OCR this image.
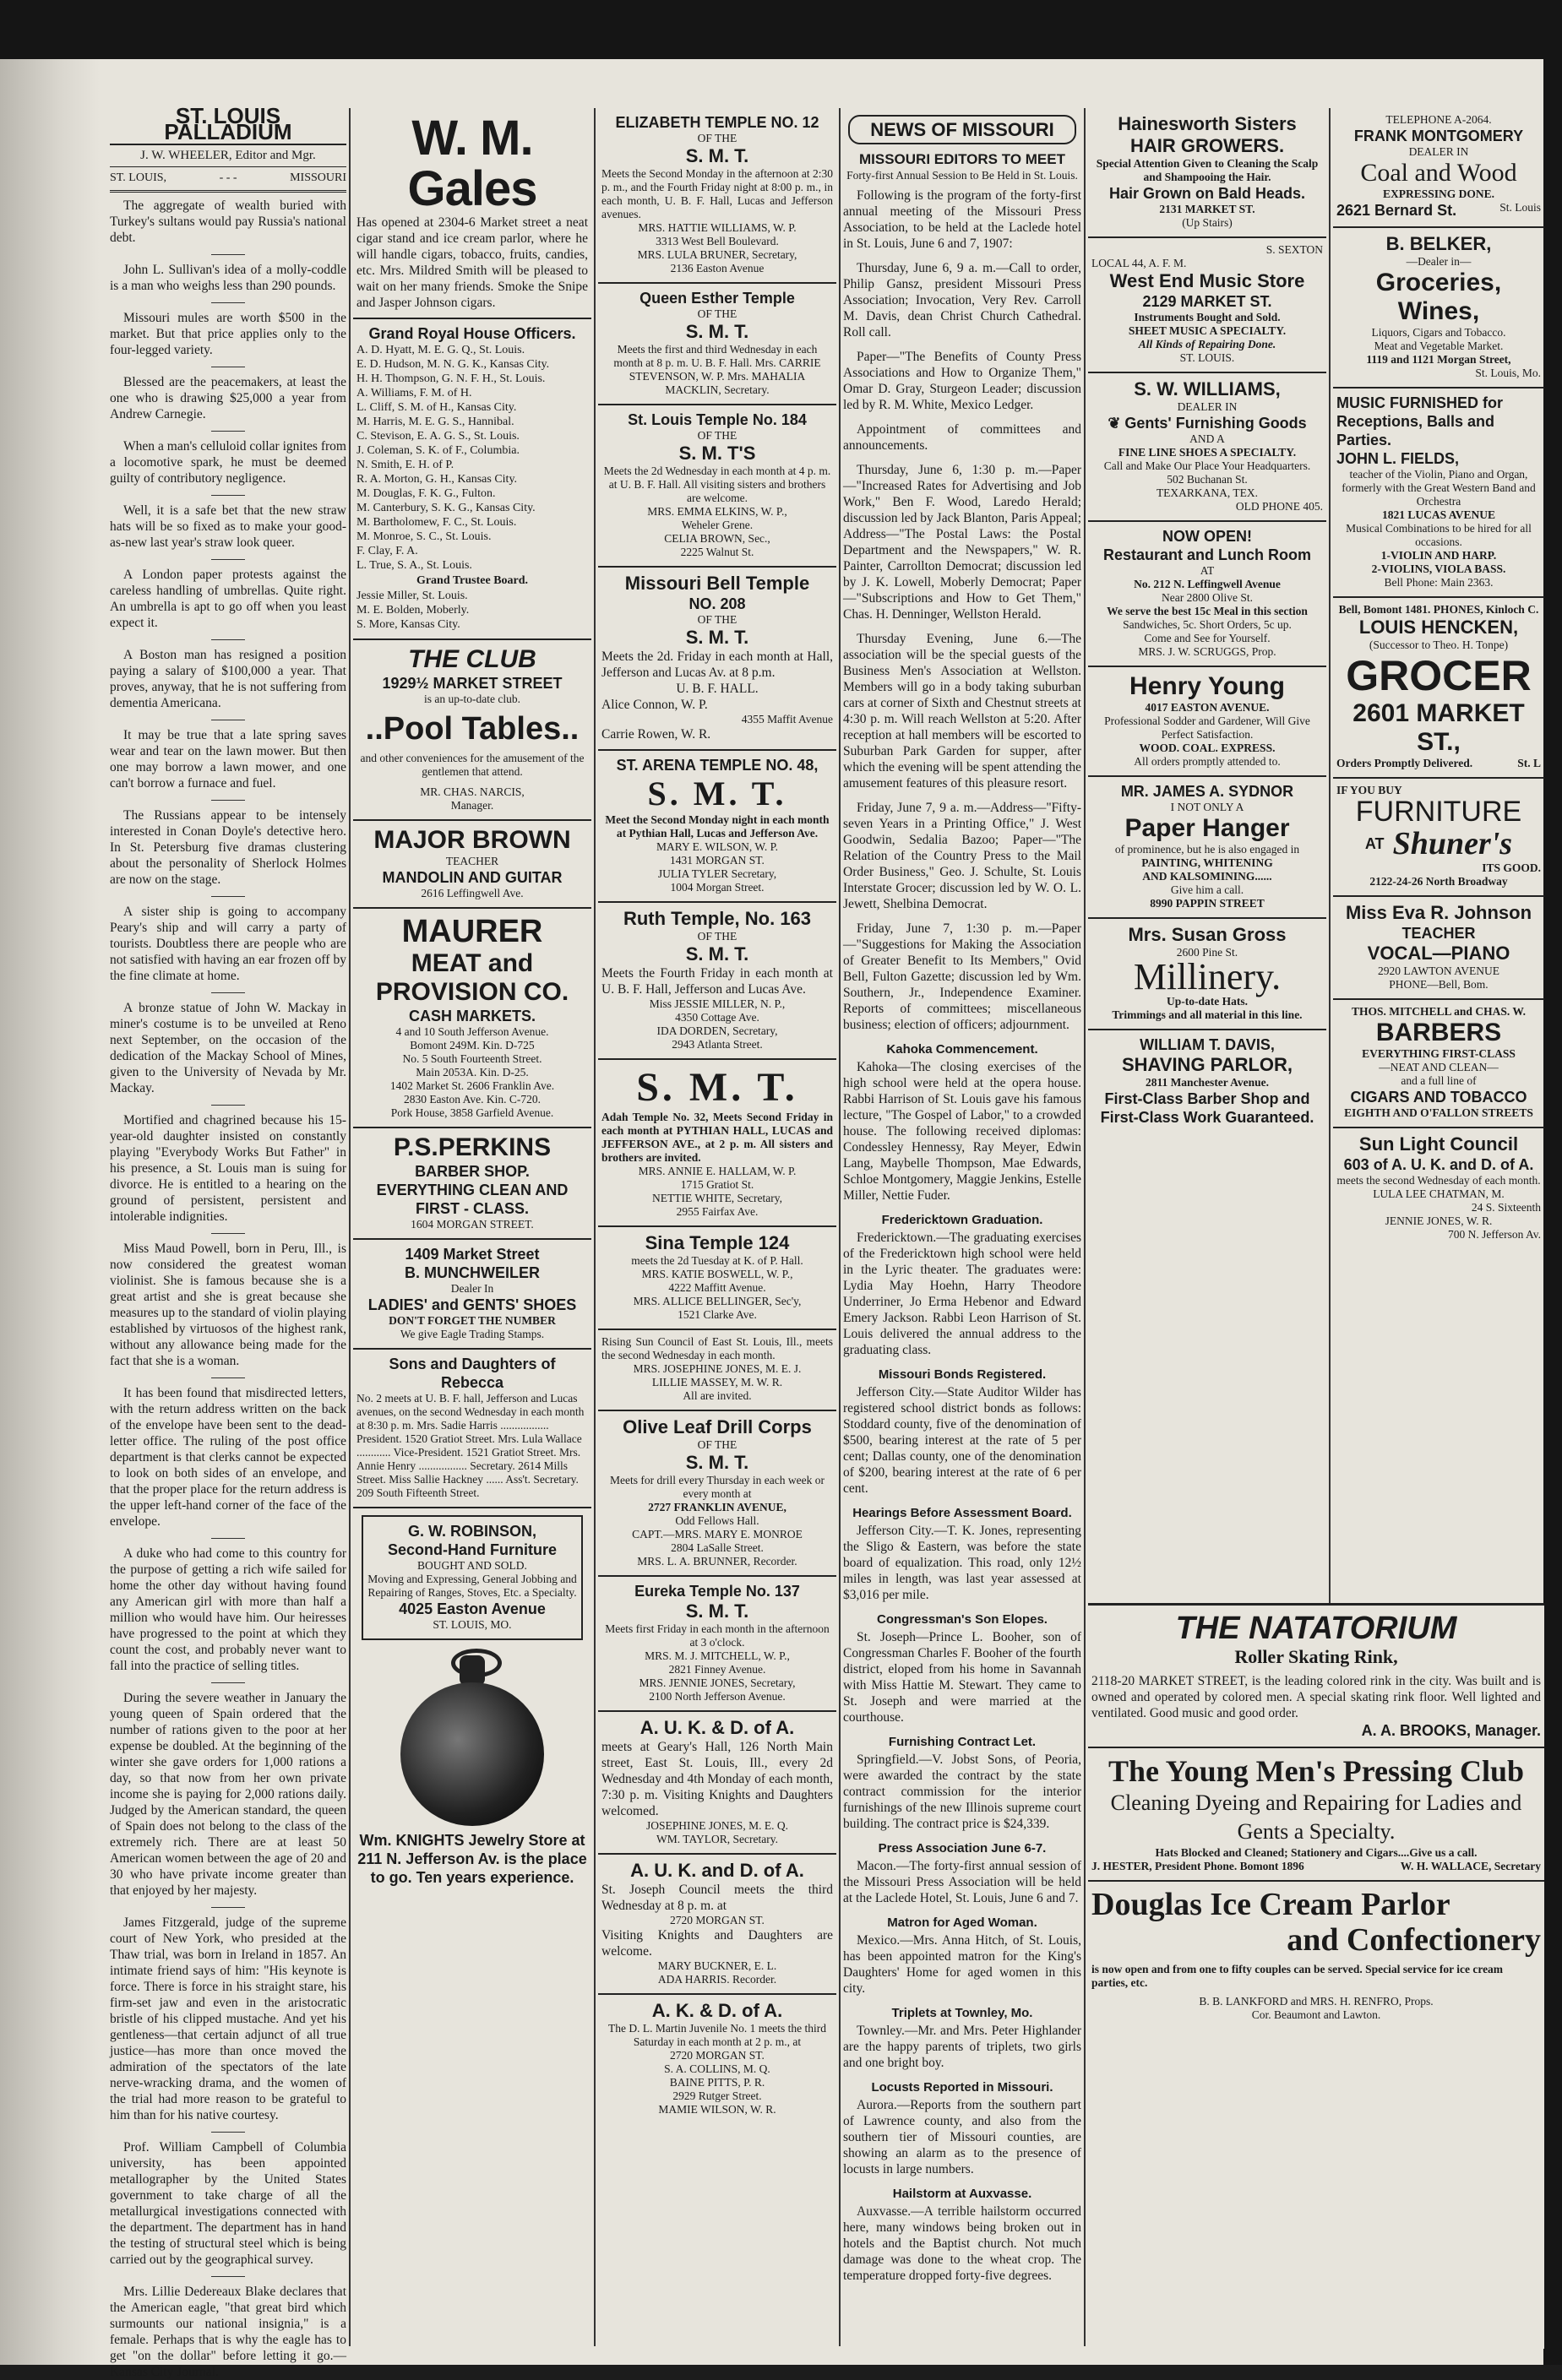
ST. LOUIS PALLADIUM
J. W. WHEELER, Editor and Mgr.
ST. LOUIS,	- - -	MISSOURI

The aggregate of wealth buried with Turkey's sultans would pay Russia's national debt.

John L. Sullivan's idea of a molly-coddle is a man who weighs less than 290 pounds.

Missouri mules are worth $500 in the market. But that price applies only to the four-legged variety.

Blessed are the peacemakers, at least the one who is drawing $25,000 a year from Andrew Carnegie.

When a man's celluloid collar ignites from a locomotive spark, he must be deemed guilty of contributory negligence.

Well, it is a safe bet that the new straw hats will be so fixed as to make your good-as-new last year's straw look queer.

A London paper protests against the careless handling of umbrellas. Quite right. An umbrella is apt to go off when you least expect it.

A Boston man has resigned a position paying a salary of $100,000 a year. That proves, anyway, that he is not suffering from dementia Americana.

It may be true that a late spring saves wear and tear on the lawn mower. But then one may borrow a lawn mower, and one can't borrow a furnace and fuel.

The Russians appear to be intensely interested in Conan Doyle's detective hero. In St. Petersburg five dramas clustering about the personality of Sherlock Holmes are now on the stage.

A sister ship is going to accompany Peary's ship and will carry a party of tourists. Doubtless there are people who are not satisfied with having an ear frozen off by the fine climate at home.

A bronze statue of John W. Mackay in miner's costume is to be unveiled at Reno next September, on the occasion of the dedication of the Mackay School of Mines, given to the University of Nevada by Mr. Mackay.

Mortified and chagrined because his 15-year-old daughter insisted on constantly playing "Everybody Works But Father" in his presence, a St. Louis man is suing for divorce. He is entitled to a hearing on the ground of persistent, persistent and intolerable indignities.

Miss Maud Powell, born in Peru, Ill., is now considered the greatest woman violinist. She is famous because she is a great artist and she is great because she measures up to the standard of violin playing established by virtuosos of the highest rank, without any allowance being made for the fact that she is a woman.

It has been found that misdirected letters, with the return address written on the back of the envelope have been sent to the dead-letter office. The ruling of the post office department is that clerks cannot be expected to look on both sides of an envelope, and that the proper place for the return address is the upper left-hand corner of the face of the envelope.

A duke who had come to this country for the purpose of getting a rich wife sailed for home the other day without having found any American girl with more than half a million who would have him. Our heiresses have progressed to the point at which they count the cost, and probably never want to fall into the practice of selling titles.

During the severe weather in January the young queen of Spain ordered that the number of rations given to the poor at her expense be doubled. At the beginning of the winter she gave orders for 1,000 rations a day, so that now from her own private income she is paying for 2,000 rations daily. Judged by the American standard, the queen of Spain does not belong to the class of the extremely rich. There are at least 50 American women between the age of 20 and 30 who have private income greater than that enjoyed by her majesty.

James Fitzgerald, judge of the supreme court of New York, who presided at the Thaw trial, was born in Ireland in 1857. An intimate friend says of him: "His keynote is force. There is force in his straight stare, his firm-set jaw and even in the aristocratic bristle of his clipped mustache. And yet his gentleness—that certain adjunct of all true justice—has more than once moved the admiration of the spectators of the late nerve-wracking drama, and the women of the trial had more reason to be grateful to him than for his native courtesy.

Prof. William Campbell of Columbia university, has been appointed metallographer by the United States government to take charge of all the metallurgical investigations connected with the department. The department has in hand the testing of structural steel which is being carried out by the geographical survey.

Mrs. Lillie Dedereaux Blake declares that the American eagle, "that great bird which surmounts our national insignia," is a female. Perhaps that is why the eagle has to get "on the dollar" before letting it go.—Kansas City Journal.

W. M. Gales
Has opened at 2304-6 Market street a neat cigar stand and ice cream parlor, where he will handle cigars, tobacco, fruits, candies, etc. Mrs. Mildred Smith will be pleased to wait on her many friends. Smoke the Snipe and Jasper Johnson cigars.
Grand Royal House Officers.
A. D. Hyatt, M. E. G. Q., St. Louis.
E. D. Hudson, M. N. G. K., Kansas City.
H. H. Thompson, G. N. F. H., St. Louis.
A. Williams, F. M. of H.
L. Cliff, S. M. of H., Kansas City.
M. Harris, M. E. G. S., Hannibal.
C. Stevison, E. A. G. S., St. Louis.
J. Coleman, S. K. of F., Columbia.
N. Smith, E. H. of P.
R. A. Morton, G. H., Kansas City.
M. Douglas, F. K. G., Fulton.
M. Canterbury, S. K. G., Kansas City.
M. Bartholomew, F. C., St. Louis.
M. Monroe, S. C., St. Louis.
F. Clay, F. A.
L. True, S. A., St. Louis.
Grand Trustee Board.
Jessie Miller, St. Louis.
M. E. Bolden, Moberly.
S. More, Kansas City.
THE CLUB
1929½ MARKET STREET
is an up-to-date club.
..Pool Tables..
and other conveniences for the amusement of the gentlemen that attend.
MR. CHAS. NARCIS,
Manager.
MAJOR BROWN
TEACHER
MANDOLIN AND GUITAR
2616 Leffingwell Ave.
MAURER
MEAT and
PROVISION CO.
CASH MARKETS.
4 and 10 South Jefferson Avenue.
Bomont 249M. Kin. D-725
No. 5 South Fourteenth Street.
Main 2053A. Kin. D-25.
1402 Market St. 2606 Franklin Ave.
2830 Easton Ave. Kin. C-720.
Pork House, 3858 Garfield Avenue.
P.S.PERKINS
BARBER SHOP.
EVERYTHING CLEAN AND FIRST - CLASS.
1604 MORGAN STREET.
1409 Market Street
B. MUNCHWEILER
Dealer In
LADIES' and GENTS' SHOES
DON'T FORGET THE NUMBER
We give Eagle Trading Stamps.
Sons and Daughters of Rebecca
No. 2 meets at U. B. F. hall, Jefferson and Lucas avenues, on the second Wednesday in each month at 8:30 p. m. Mrs. Sadie Harris ................. President. 1520 Gratiot Street. Mrs. Lula Wallace ............ Vice-President. 1521 Gratiot Street. Mrs. Annie Henry ................. Secretary. 2614 Mills Street. Miss Sallie Hackney ...... Ass't. Secretary. 209 South Fifteenth Street.
G. W. ROBINSON,
Second-Hand Furniture
BOUGHT AND SOLD.
Moving and Expressing, General Jobbing and Repairing of Ranges, Stoves, Etc. a Specialty.
4025 Easton Avenue
ST. LOUIS, MO.
Wm. KNIGHTS Jewelry Store at 211 N. Jefferson Av. is the place to go. Ten years experience.
ELIZABETH TEMPLE NO. 12
OF THE
S. M. T.
Meets the Second Monday in the afternoon at 2:30 p. m., and the Fourth Friday night at 8:00 p. m., in each month, U. B. F. Hall, Lucas and Jefferson avenues.
MRS. HATTIE WILLIAMS, W. P.
3313 West Bell Boulevard.
MRS. LULA BRUNER, Secretary,
2136 Easton Avenue
Queen Esther Temple
OF THE
S. M. T.
Meets the first and third Wednesday in each month at 8 p. m. U. B. F. Hall. Mrs. CARRIE STEVENSON, W. P. Mrs. MAHALIA MACKLIN, Secretary.
St. Louis Temple No. 184
OF THE
S. M. T'S
Meets the 2d Wednesday in each month at 4 p. m. at U. B. F. Hall. All visiting sisters and brothers are welcome.
MRS. EMMA ELKINS, W. P.,
Weheler Grene.
CELIA BROWN, Sec.,
2225 Walnut St.
Missouri Bell Temple
NO. 208
OF THE
S. M. T.
Meets the 2d. Friday in each month at Hall, Jefferson and Lucas Av. at 8 p.m.
U. B. F. HALL.
Alice Connon, W. P.
4355 Maffit Avenue
Carrie Rowen, W. R.
ST. ARENA TEMPLE NO. 48,
S. M. T.
Meet the Second Monday night in each month at Pythian Hall, Lucas and Jefferson Ave.
MARY E. WILSON, W. P.
1431 MORGAN ST.
JULIA TYLER Secretary,
1004 Morgan Street.
Ruth Temple, No. 163
OF THE
S. M. T.
Meets the Fourth Friday in each month at U. B. F. Hall, Jefferson and Lucas Ave.
Miss JESSIE MILLER, N. P.,
4350 Cottage Ave.
IDA DORDEN, Secretary,
2943 Atlanta Street.
S. M. T.
Adah Temple No. 32, Meets Second Friday in each month at PYTHIAN HALL, LUCAS and JEFFERSON AVE., at 2 p. m. All sisters and brothers are invited.
MRS. ANNIE E. HALLAM, W. P.
1715 Gratiot St.
NETTIE WHITE, Secretary,
2955 Fairfax Ave.
Sina Temple 124
meets the 2d Tuesday at K. of P. Hall.
MRS. KATIE BOSWELL, W. P.,
4222 Maffitt Avenue.
MRS. ALLICE BELLINGER, Sec'y,
1521 Clarke Ave.
Rising Sun Council of East St. Louis, Ill., meets the second Wednesday in each month.
MRS. JOSEPHINE JONES, M. E. J.
LILLIE MASSEY, M. W. R.
All are invited.
Olive Leaf Drill Corps
OF THE
S. M. T.
Meets for drill every Thursday in each week or every month at
2727 FRANKLIN AVENUE,
Odd Fellows Hall.
CAPT.—MRS. MARY E. MONROE
2804 LaSalle Street.
MRS. L. A. BRUNNER, Recorder.
Eureka Temple No. 137
S. M. T.
Meets first Friday in each month in the afternoon at 3 o'clock.
MRS. M. J. MITCHELL, W. P.,
2821 Finney Avenue.
MRS. JENNIE JONES, Secretary,
2100 North Jefferson Avenue.
A. U. K. & D. of A.
meets at Geary's Hall, 126 North Main street, East St. Louis, Ill., every 2d Wednesday and 4th Monday of each month, 7:30 p. m. Visiting Knights and Daughters welcomed.
JOSEPHINE JONES, M. E. Q.
WM. TAYLOR, Secretary.
A. U. K. and D. of A.
St. Joseph Council meets the third Wednesday at 8 p. m. at
2720 MORGAN ST.
Visiting Knights and Daughters are welcome.
MARY BUCKNER, E. L.
ADA HARRIS. Recorder.
A. K. & D. of A.
The D. L. Martin Juvenile No. 1 meets the third Saturday in each month at 2 p. m., at
2720 MORGAN ST.
S. A. COLLINS, M. Q.
BAINE PITTS, P. R.
2929 Rutger Street.
MAMIE WILSON, W. R.
NEWS OF MISSOURI
MISSOURI EDITORS TO MEET
Forty-first Annual Session to Be Held in St. Louis.

Following is the program of the forty-first annual meeting of the Missouri Press Association, to be held at the Laclede hotel in St. Louis, June 6 and 7, 1907:

Thursday, June 6, 9 a. m.—Call to order, Philip Gansz, president Missouri Press Association; Invocation, Very Rev. Carroll M. Davis, dean Christ Church Cathedral. Roll call.

Paper—"The Benefits of County Press Associations and How to Organize Them," Omar D. Gray, Sturgeon Leader; discussion led by R. M. White, Mexico Ledger.

Appointment of committees and announcements.

Thursday, June 6, 1:30 p. m.—Paper—"Increased Rates for Advertising and Job Work," Ben F. Wood, Laredo Herald; discussion led by Jack Blanton, Paris Appeal; Address—"The Postal Laws: the Postal Department and the Newspapers," W. R. Painter, Carrollton Democrat; discussion led by J. K. Lowell, Moberly Democrat; Paper—"Subscriptions and How to Get Them," Chas. H. Denninger, Wellston Herald.

Thursday Evening, June 6.—The association will be the special guests of the Business Men's Association at Wellston. Members will go in a body taking suburban cars at corner of Sixth and Chestnut streets at 4:30 p. m. Will reach Wellston at 5:20. After reception at hall members will be escorted to Suburban Park Garden for supper, after which the evening will be spent attending the amusement features of this pleasure resort.

Friday, June 7, 9 a. m.—Address—"Fifty-seven Years in a Printing Office," J. West Goodwin, Sedalia Bazoo; Paper—"The Relation of the Country Press to the Mail Order Business," Geo. J. Schulte, St. Louis Interstate Grocer; discussion led by W. O. L. Jewett, Shelbina Democrat.

Friday, June 7, 1:30 p. m.—Paper—"Suggestions for Making the Association of Greater Benefit to Its Members," Ovid Bell, Fulton Gazette; discussion led by Wm. Southern, Jr., Independence Examiner. Reports of committees; miscellaneous business; election of officers; adjournment.

Kahoka Commencement.

Kahoka—The closing exercises of the high school were held at the opera house. Rabbi Harrison of St. Louis gave his famous lecture, "The Gospel of Labor," to a crowded house. The following received diplomas: Condessley Hennessy, Ray Meyer, Edwin Lang, Maybelle Thompson, Mae Edwards, Schloe Montgomery, Maggie Jenkins, Estelle Miller, Nettie Fuder.

Fredericktown Graduation.

Fredericktown.—The graduating exercises of the Fredericktown high school were held in the Lyric theater. The graduates were: Lydia May Hoehn, Harry Theodore Underriner, Jo Erma Hebenor and Edward Emery Jackson. Rabbi Leon Harrison of St. Louis delivered the annual address to the graduating class.

Missouri Bonds Registered.

Jefferson City.—State Auditor Wilder has registered school district bonds as follows: Stoddard county, five of the denomination of $500, bearing interest at the rate of 5 per cent; Dallas county, one of the denomination of $200, bearing interest at the rate of 6 per cent.

Hearings Before Assessment Board.

Jefferson City.—T. K. Jones, representing the Sligo & Eastern, was before the state board of equalization. This road, only 12½ miles in length, was last year assessed at $3,016 per mile.

Congressman's Son Elopes.

St. Joseph—Prince L. Booher, son of Congressman Charles F. Booher of the fourth district, eloped from his home in Savannah with Miss Hattie M. Stewart. They came to St. Joseph and were married at the courthouse.

Furnishing Contract Let.

Springfield.—V. Jobst Sons, of Peoria, were awarded the contract by the state contract commission for the interior furnishings of the new Illinois supreme court building. The contract price is $24,339.

Press Association June 6-7.

Macon.—The forty-first annual session of the Missouri Press Association will be held at the Laclede Hotel, St. Louis, June 6 and 7.

Matron for Aged Woman.

Mexico.—Mrs. Anna Hitch, of St. Louis, has been appointed matron for the King's Daughters' Home for aged women in this city.

Triplets at Townley, Mo.

Townley.—Mr. and Mrs. Peter Highlander are the happy parents of triplets, two girls and one bright boy.

Locusts Reported in Missouri.

Aurora.—Reports from the southern part of Lawrence county, and also from the southern tier of Missouri counties, are showing an alarm as to the presence of locusts in large numbers.

Hailstorm at Auxvasse.

Auxvasse.—A terrible hailstorm occurred here, many windows being broken out in hotels and the Baptist church. Not much damage was done to the wheat crop. The temperature dropped forty-five degrees.

Hainesworth Sisters
HAIR GROWERS.
Special Attention Given to Cleaning the Scalp and Shampooing the Hair.
Hair Grown on Bald Heads.
2131 MARKET ST.
(Up Stairs)
S. SEXTON
LOCAL 44, A. F. M.
West End Music Store
2129 MARKET ST.
Instruments Bought and Sold.
SHEET MUSIC A SPECIALTY.
All Kinds of Repairing Done.
ST. LOUIS.
S. W. WILLIAMS,
DEALER IN
❦ Gents' Furnishing Goods
AND A
FINE LINE SHOES A SPECIALTY.
Call and Make Our Place Your Headquarters.
502 Buchanan St.
TEXARKANA, TEX.
OLD PHONE 405.
NOW OPEN!
Restaurant and Lunch Room
AT
No. 212 N. Leffingwell Avenue
Near 2800 Olive St.
We serve the best 15c Meal in this section
Sandwiches, 5c. Short Orders, 5c up.
Come and See for Yourself.
MRS. J. W. SCRUGGS, Prop.
Henry Young
4017 EASTON AVENUE.
Professional Sodder and Gardener, Will Give Perfect Satisfaction.
WOOD. COAL. EXPRESS.
All orders promptly attended to.
MR. JAMES A. SYDNOR
I NOT ONLY A
Paper Hanger
of prominence, but he is also engaged in
PAINTING, WHITENING
AND KALSOMINING......
Give him a call.
8990 PAPPIN STREET
Mrs. Susan Gross
2600 Pine St.
Millinery.
Up-to-date Hats.
Trimmings and all material in this line.
WILLIAM T. DAVIS,
SHAVING PARLOR,
2811 Manchester Avenue.
First-Class Barber Shop and First-Class Work Guaranteed.
TELEPHONE A-2064.
FRANK MONTGOMERY
DEALER IN
Coal and Wood
EXPRESSING DONE.
2621 Bernard St.	St. Louis
B. BELKER,
—Dealer in—
Groceries, Wines,
Liquors, Cigars and Tobacco.
Meat and Vegetable Market.
1119 and 1121 Morgan Street,
St. Louis, Mo.
MUSIC FURNISHED for Receptions, Balls and Parties.
JOHN L. FIELDS,
teacher of the Violin, Piano and Organ, formerly with the Great Western Band and Orchestra
1821 LUCAS AVENUE
Musical Combinations to be hired for all occasions.
1-VIOLIN AND HARP.
2-VIOLINS, VIOLA BASS.
Bell Phone: Main 2363.
Bell, Bomont 1481. PHONES, Kinloch C.
LOUIS HENCKEN,
(Successor to Theo. H. Tonpe)
GROCER
2601 MARKET ST.,
Orders Promptly Delivered.	St. L
IF YOU BUY
FURNITURE
AT Shuner's
ITS GOOD.
2122-24-26 North Broadway
Miss Eva R. Johnson
TEACHER
VOCAL—PIANO
2920 LAWTON AVENUE
PHONE—Bell, Bom.
THOS. MITCHELL and CHAS. W.
BARBERS
EVERYTHING FIRST-CLASS
—NEAT AND CLEAN—
and a full line of
CIGARS AND TOBACCO
EIGHTH AND O'FALLON STREETS
Sun Light Council
603 of A. U. K. and D. of A.
meets the second Wednesday of each month.
LULA LEE CHATMAN, M.
24 S. Sixteenth
JENNIE JONES, W. R.
700 N. Jefferson Av.
THE NATATORIUM
Roller Skating Rink,
2118-20 MARKET STREET, is the leading colored rink in the city. Was built and is owned and operated by colored men. A special skating rink floor. Well lighted and ventilated. Good music and good order.
A. A. BROOKS, Manager.
The Young Men's Pressing Club
Cleaning Dyeing and Repairing for Ladies and Gents a Specialty.
Hats Blocked and Cleaned; Stationery and Cigars....Give us a call.
J. HESTER, President Phone. Bomont 1896	W. H. WALLACE, Secretary
Douglas Ice Cream Parlor
and Confectionery
is now open and from one to fifty couples can be served. Special service for ice cream parties, etc.
B. B. LANKFORD and MRS. H. RENFRO, Props.
Cor. Beaumont and Lawton.
